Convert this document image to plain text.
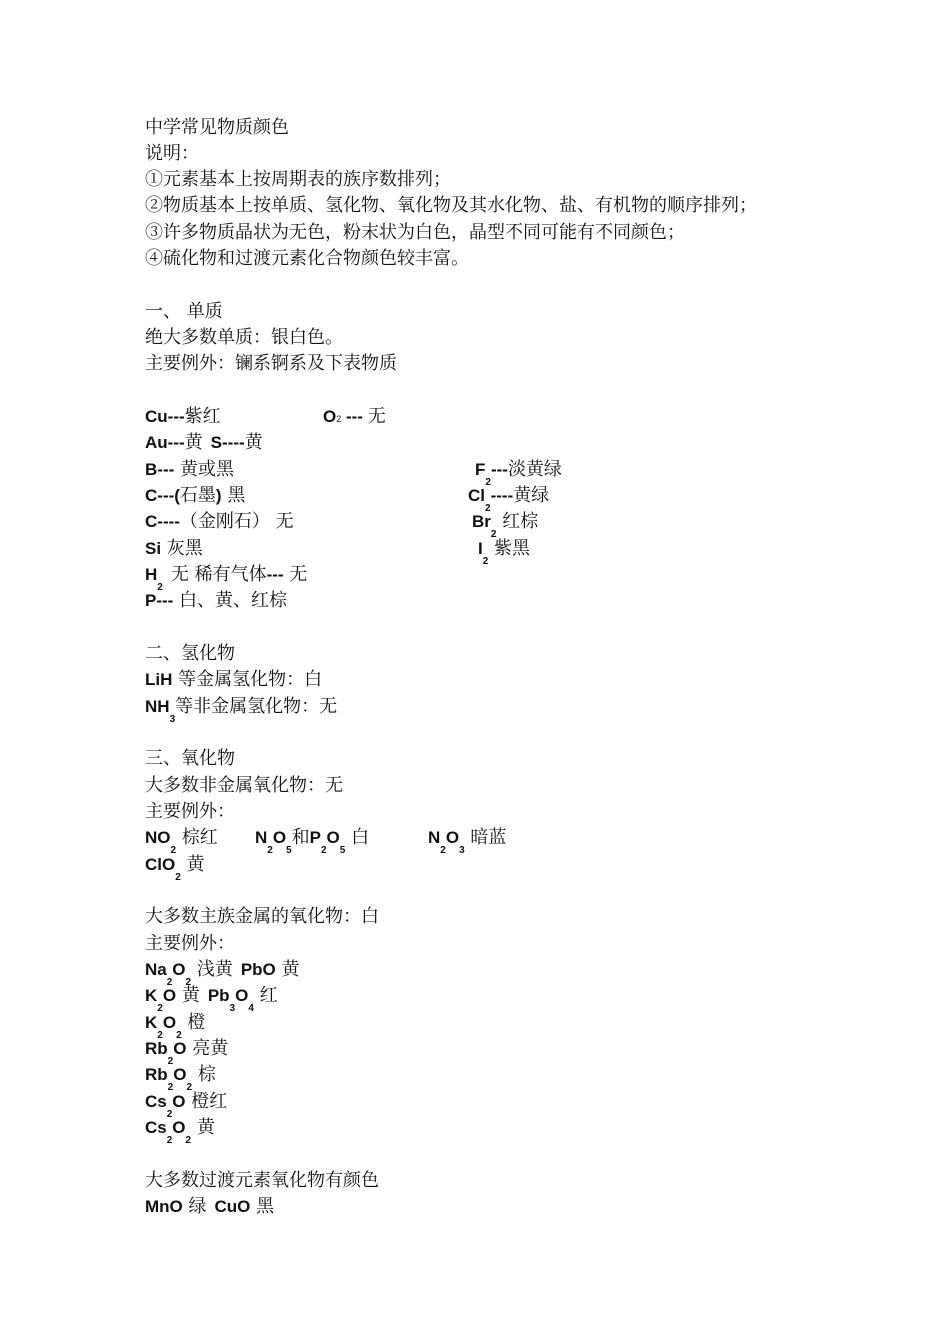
中学常见物质颜色
说明：
①元素基本上按周期表的族序数排列；
②物质基本上按单质、氢化物、氧化物及其水化物、盐、有机物的顺序排列；
③许多物质晶状为无色，粉末状为白色，晶型不同可能有不同颜色；
④硫化物和过渡元素化合物颜色较丰富。
一、 单质
绝大多数单质：银白色。
主要例外：镧系锕系及下表物质
Cu---紫红	O2 --- 无
Au---黄 S----黄
B--- 黄或黑	$F_2---$淡黄绿
C---(石墨) 黑	$Cl_2----$黄绿
C----（金刚石） 无	$Br_2$ 红棕
Si 灰黑	$I_2$ 紫黑
$H_2$无 稀有气体--- 无
P--- 白、黄、红棕
二、氢化物
LiH 等金属氢化物：白
$NH_3$等非金属氢化物：无
三、氧化物
大多数非金属氧化物：无
主要例外：
$NO_2$ 棕红 $N_2O_5$和$P_2O_5$ 白	$N_2O_3$ 暗蓝
ClO$_2$ 黄
大多数主族金属的氧化物：白
主要例外：
$Na_2O_2$ 浅黄 PbO 黄
$K_2O$ 黄 $Pb_3O_4$ 红
$K_2O_2$ 橙
$Rb_2O$ 亮黄
$Rb_2O_2$ 棕
$Cs_2O$ 橙红
$Cs_2O_2$ 黄
大多数过渡元素氧化物有颜色
MnO 绿 CuO 黑
